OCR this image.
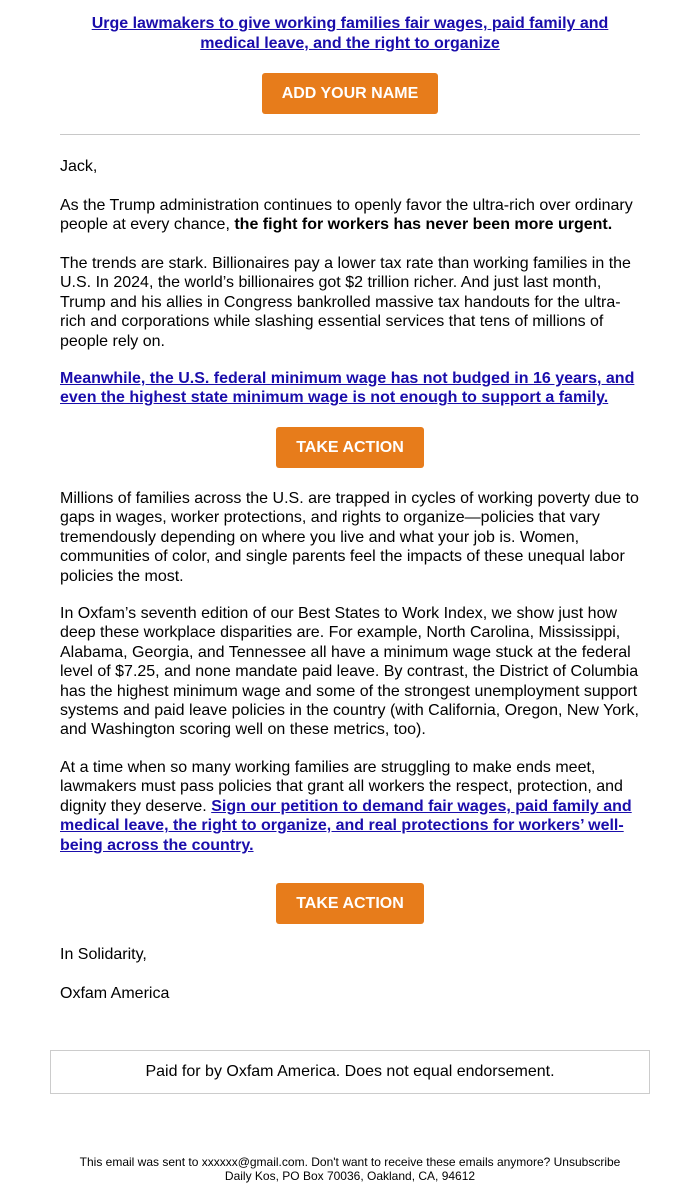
Urge lawmakers to give working families fair wages, paid family and medical leave, and the right to organize
ADD YOUR NAME

Jack,

As the Trump administration continues to openly favor the ultra-rich over ordinary people at every chance, the fight for workers has never been more urgent.

The trends are stark. Billionaires pay a lower tax rate than working families in the U.S. In 2024, the world’s billionaires got $2 trillion richer. And just last month, Trump and his allies in Congress bankrolled massive tax handouts for the ultra-rich and corporations while slashing essential services that tens of millions of people rely on.

Meanwhile, the U.S. federal minimum wage has not budged in 16 years, and even the highest state minimum wage is not enough to support a family.

TAKE ACTION

Millions of families across the U.S. are trapped in cycles of working poverty due to gaps in wages, worker protections, and rights to organize—policies that vary tremendously depending on where you live and what your job is. Women, communities of color, and single parents feel the impacts of these unequal labor policies the most.

In Oxfam’s seventh edition of our Best States to Work Index, we show just how deep these workplace disparities are. For example, North Carolina, Mississippi, Alabama, Georgia, and Tennessee all have a minimum wage stuck at the federal level of $7.25, and none mandate paid leave. By contrast, the District of Columbia has the highest minimum wage and some of the strongest unemployment support systems and paid leave policies in the country (with California, Oregon, New York, and Washington scoring well on these metrics, too).

At a time when so many working families are struggling to make ends meet, lawmakers must pass policies that grant all workers the respect, protection, and dignity they deserve. Sign our petition to demand fair wages, paid family and medical leave, the right to organize, and real protections for workers’ well-being across the country.

TAKE ACTION

In Solidarity,

Oxfam America

Paid for by Oxfam America. Does not equal endorsement.
This email was sent to xxxxxx@gmail.com. Don't want to receive these emails anymore? Unsubscribe
Daily Kos, PO Box 70036, Oakland, CA, 94612
